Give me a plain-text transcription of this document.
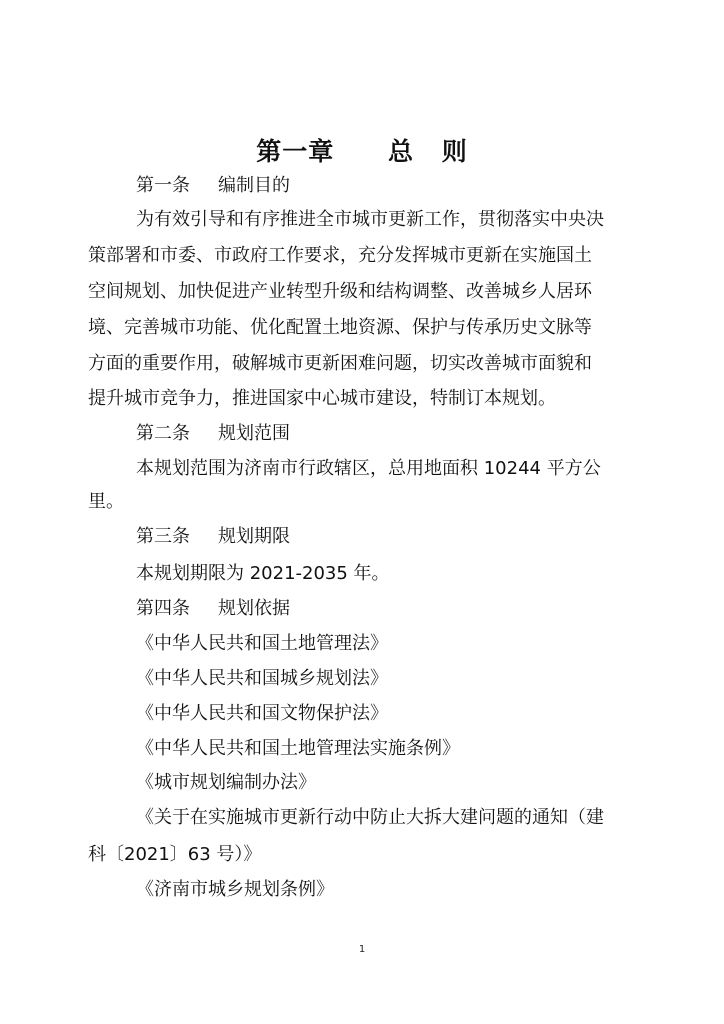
第一章　 总 则
第一条 编制目的
为有效引导和有序推进全市城市更新工作，贯彻落实中央决
策部署和市委、市政府工作要求，充分发挥城市更新在实施国土
空间规划、加快促进产业转型升级和结构调整、改善城乡人居环
境、完善城市功能、优化配置土地资源、保护与传承历史文脉等
方面的重要作用，破解城市更新困难问题，切实改善城市面貌和
提升城市竞争力，推进国家中心城市建设，特制订本规划。
第二条 规划范围
本规划范围为济南市行政辖区，总用地面积 10244 平方公
里。
第三条 规划期限
本规划期限为 2021-2035 年。
第四条 规划依据
《中华人民共和国土地管理法》
《中华人民共和国城乡规划法》
《中华人民共和国文物保护法》
《中华人民共和国土地管理法实施条例》
《城市规划编制办法》
《关于在实施城市更新行动中防止大拆大建问题的通知（建
科〔2021〕63 号）》
《济南市城乡规划条例》
1
